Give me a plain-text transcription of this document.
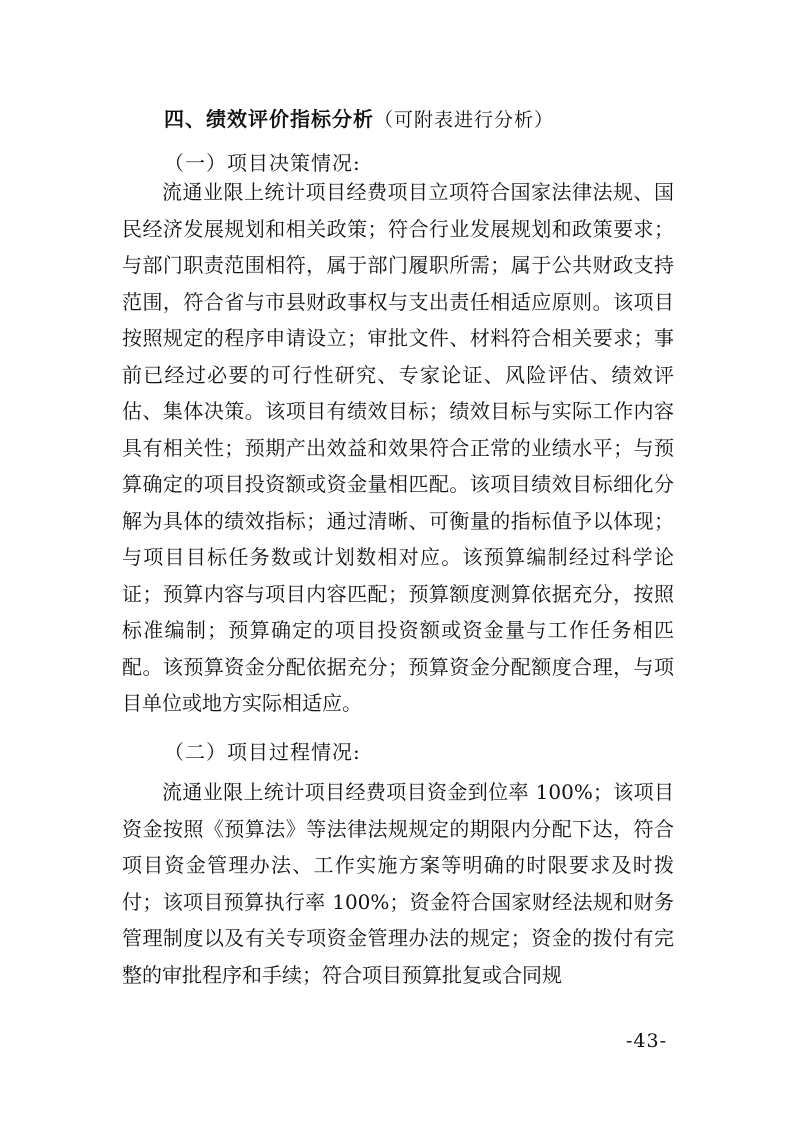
四、绩效评价指标分析（可附表进行分析）
（一）项目决策情况:

流通业限上统计项目经费项目立项符合国家法律法规、国民经济发展规划和相关政策；符合行业发展规划和政策要求；与部门职责范围相符，属于部门履职所需；属于公共财政支持范围，符合省与市县财政事权与支出责任相适应原则。该项目按照规定的程序申请设立；审批文件、材料符合相关要求；事前已经过必要的可行性研究、专家论证、风险评估、绩效评估、集体决策。该项目有绩效目标；绩效目标与实际工作内容具有相关性；预期产出效益和效果符合正常的业绩水平；与预算确定的项目投资额或资金量相匹配。该项目绩效目标细化分解为具体的绩效指标；通过清晰、可衡量的指标值予以体现；与项目目标任务数或计划数相对应。该预算编制经过科学论证；预算内容与项目内容匹配；预算额度测算依据充分，按照标准编制；预算确定的项目投资额或资金量与工作任务相匹配。该预算资金分配依据充分；预算资金分配额度合理，与项目单位或地方实际相适应。

（二）项目过程情况:

流通业限上统计项目经费项目资金到位率 100%；该项目资金按照《预算法》等法律法规规定的期限内分配下达，符合项目资金管理办法、工作实施方案等明确的时限要求及时拨付；该项目预算执行率 100%；资金符合国家财经法规和财务管理制度以及有关专项资金管理办法的规定；资金的拨付有完整的审批程序和手续；符合项目预算批复或合同规

-43-
